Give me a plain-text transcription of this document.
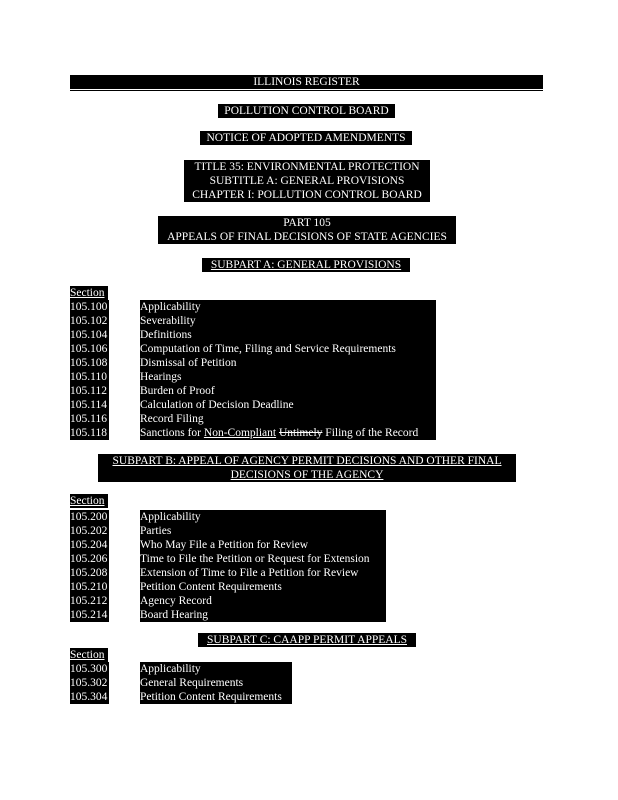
ILLINOIS REGISTER
POLLUTION CONTROL BOARD
NOTICE OF ADOPTED AMENDMENTS
TITLE 35: ENVIRONMENTAL PROTECTION
SUBTITLE A: GENERAL PROVISIONS
CHAPTER I: POLLUTION CONTROL BOARD
PART 105
APPEALS OF FINAL DECISIONS OF STATE AGENCIES
SUBPART A: GENERAL PROVISIONS
Section
105.100	Applicability
105.102	Severability
105.104	Definitions
105.106	Computation of Time, Filing and Service Requirements
105.108	Dismissal of Petition
105.110	Hearings
105.112	Burden of Proof
105.114	Calculation of Decision Deadline
105.116	Record Filing
105.118	Sanctions for Non-Compliant Untimely Filing of the Record
SUBPART B: APPEAL OF AGENCY PERMIT DECISIONS AND OTHER FINAL
DECISIONS OF THE AGENCY
Section
105.200	Applicability
105.202	Parties
105.204	Who May File a Petition for Review
105.206	Time to File the Petition or Request for Extension
105.208	Extension of Time to File a Petition for Review
105.210	Petition Content Requirements
105.212	Agency Record
105.214	Board Hearing
SUBPART C: CAAPP PERMIT APPEALS
Section
105.300	Applicability
105.302	General Requirements
105.304	Petition Content Requirements
